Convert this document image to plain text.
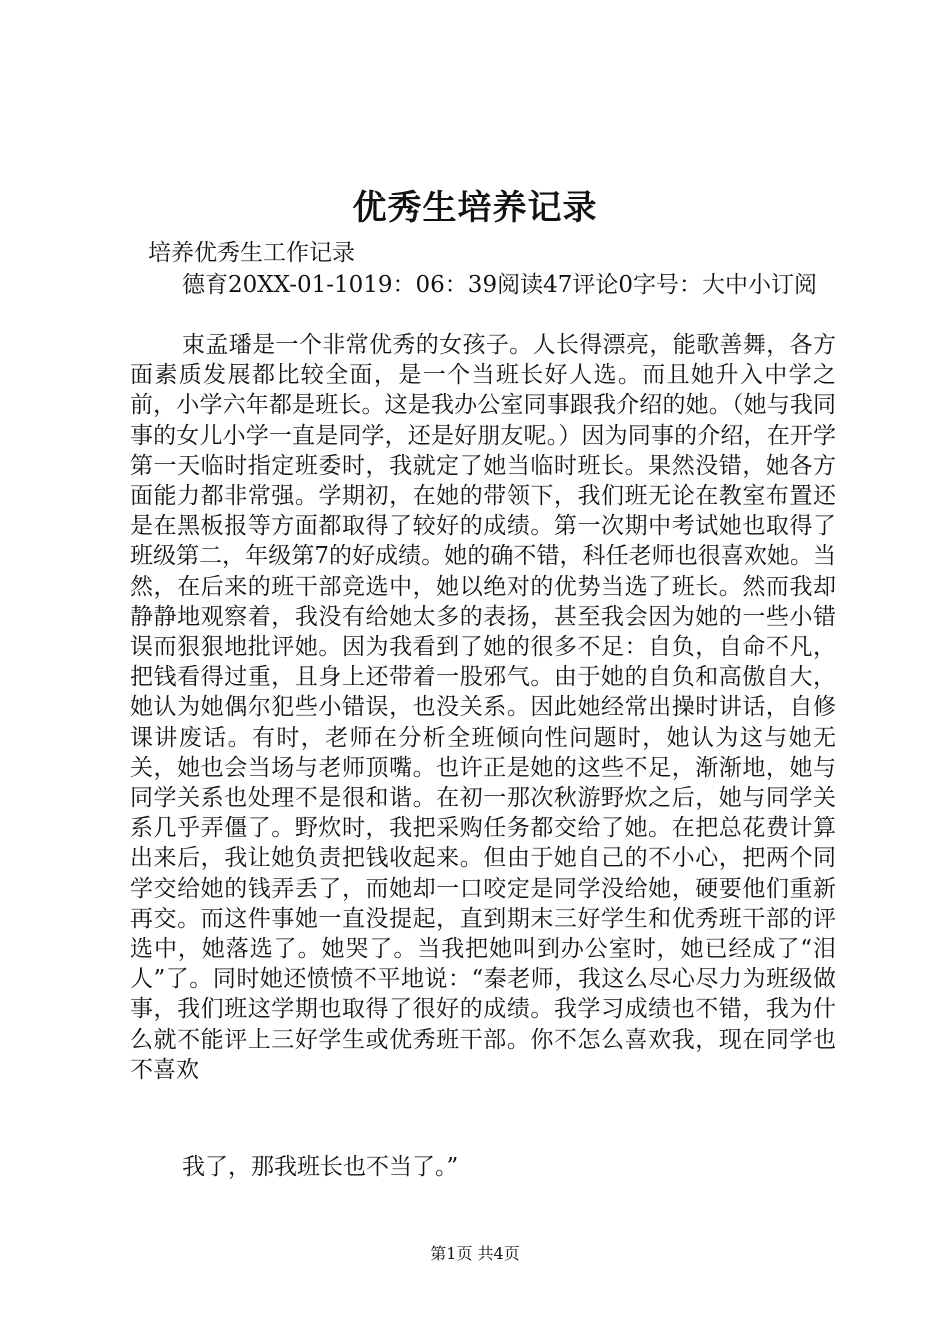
优秀生培养记录
培养优秀生工作记录
德育20XX-01-1019：06：39阅读47评论0字号：大中小订阅
束孟璠是一个非常优秀的女孩子。人长得漂亮，能歌善舞，各方面素质发展都比较全面，是一个当班长好人选。而且她升入中学之前，小学六年都是班长。这是我办公室同事跟我介绍的她。（她与我同事的女儿小学一直是同学，还是好朋友呢。）因为同事的介绍，在开学第一天临时指定班委时，我就定了她当临时班长。果然没错，她各方面能力都非常强。学期初，在她的带领下，我们班无论在教室布置还是在黑板报等方面都取得了较好的成绩。第一次期中考试她也取得了班级第二，年级第7的好成绩。她的确不错，科任老师也很喜欢她。当然，在后来的班干部竞选中，她以绝对的优势当选了班长。然而我却静静地观察着，我没有给她太多的表扬，甚至我会因为她的一些小错误而狠狠地批评她。因为我看到了她的很多不足：自负，自命不凡，把钱看得过重，且身上还带着一股邪气。由于她的自负和高傲自大，她认为她偶尔犯些小错误，也没关系。因此她经常出操时讲话，自修课讲废话。有时，老师在分析全班倾向性问题时，她认为这与她无关，她也会当场与老师顶嘴。也许正是她的这些不足，渐渐地，她与同学关系也处理不是很和谐。在初一那次秋游野炊之后，她与同学关系几乎弄僵了。野炊时，我把采购任务都交给了她。在把总花费计算出来后，我让她负责把钱收起来。但由于她自己的不小心，把两个同学交给她的钱弄丢了，而她却一口咬定是同学没给她，硬要他们重新再交。而这件事她一直没提起，直到期末三好学生和优秀班干部的评选中，她落选了。她哭了。当我把她叫到办公室时，她已经成了“泪人”了。同时她还愤愤不平地说：“秦老师，我这么尽心尽力为班级做事，我们班这学期也取得了很好的成绩。我学习成绩也不错，我为什么就不能评上三好学生或优秀班干部。你不怎么喜欢我，现在同学也不喜欢
我了，那我班长也不当了。”
第1页 共4页
